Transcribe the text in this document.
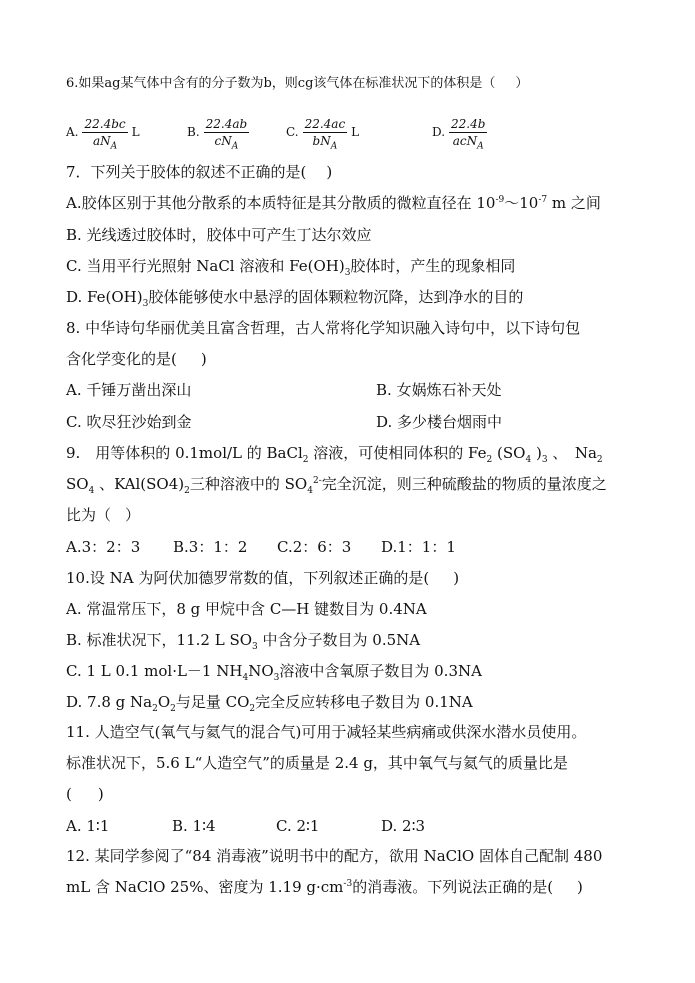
6.如果ag某气体中含有的分子数为b，则cg该气体在标准状况下的体积是（ ）
A. $\frac{22.4bc}{aN_A}$ L	B. $\frac{22.4ab}{cN_A}$	C. $\frac{22.4ac}{bN_A}$ L	D. $\frac{22.4b}{acN_A}$
7．下列关于胶体的叙述不正确的是( )
A.胶体区别于其他分散系的本质特征是其分散质的微粒直径在 $10^{-9}\sim 10^{-7}$ m 之间
B. 光线透过胶体时，胶体中可产生丁达尔效应
C. 当用平行光照射 NaCl 溶液和 $Fe(OH)_3$胶体时，产生的现象相同
D. $Fe(OH)_3$胶体能够使水中悬浮的固体颗粒物沉降，达到净水的目的
8. 中华诗句华丽优美且富含哲理，古人常将化学知识融入诗句中，以下诗句包
含化学变化的是( )
A. 千锤万凿出深山	B. 女娲炼石补天处
C. 吹尽狂沙始到金	D. 多少楼台烟雨中
9.　用等体积的 0.1mol/L 的 BaCl$_2$ 溶液，可使相同体积的 $Fe_2$ ($SO_4$ )$_3$ 、　$Na_2$
$SO_4$ 、$KAl(SO4)_2$三种溶液中的 $SO_4^{2-}$完全沉淀，则三种硫酸盐的物质的量浓度之
比为（ ）
A.3：2：3 B.3：1：2 C.2：6：3 D.1：1：1
10.设 NA 为阿伏加德罗常数的值，下列叙述正确的是( )
A. 常温常压下，8 g 甲烷中含 C—H 键数目为 0.4NA
B. 标准状况下，11.2 L $SO_3$ 中含分子数目为 0.5NA
C. 1 L 0.1 mol·L－1 $NH_4NO_3$溶液中含氧原子数目为 0.3NA
D. 7.8 g $Na_2O_2$与足量 $CO_2$完全反应转移电子数目为 0.1NA
11. 人造空气(氧气与氦气的混合气)可用于减轻某些病痛或供深水潜水员使用。
标准状况下，5.6 L“人造空气”的质量是 2.4 g，其中氧气与氦气的质量比是
( )
A. 1∶1	B. 1∶4	C. 2∶1	D. 2∶3
12. 某同学参阅了“84 消毒液”说明书中的配方，欲用 NaClO 固体自己配制 480
mL 含 NaClO 25%、密度为 1.19 $g\cdot cm^{-3}$的消毒液。下列说法正确的是( )
